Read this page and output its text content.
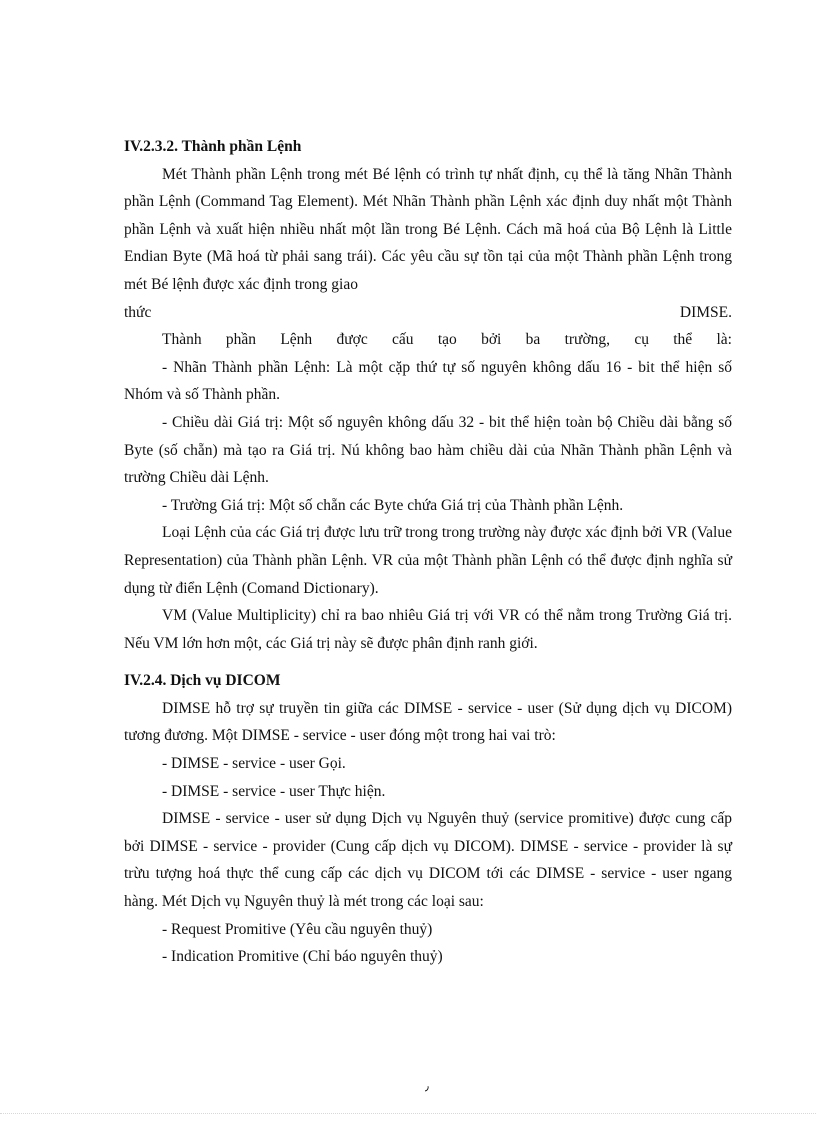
IV.2.3.2. Thành phần Lệnh

Mét Thành phần Lệnh trong mét Bé lệnh có trình tự nhất định, cụ thể là tăng Nhãn Thành phần Lệnh (Command Tag Element). Mét Nhãn Thành phần Lệnh xác định duy nhất một Thành phần Lệnh và xuất hiện nhiều nhất một lần trong Bé Lệnh. Cách mã hoá của Bộ Lệnh là Little Endian Byte (Mã hoá từ phải sang trái). Các yêu cầu sự tồn tại của một Thành phần Lệnh trong mét Bé lệnh được xác định trong giao

thức	DIMSE.

Thành phần Lệnh được cấu tạo bởi ba trường, cụ thể là:

- Nhãn Thành phần Lệnh: Là một cặp thứ tự số nguyên không dấu 16 - bit thể hiện số Nhóm và số Thành phần.

- Chiều dài Giá trị: Một số nguyên không dấu 32 - bit thể hiện toàn bộ Chiều dài bằng số Byte (số chẵn) mà tạo ra Giá trị. Nú không bao hàm chiều dài của Nhãn Thành phần Lệnh và trường Chiều dài Lệnh.

- Trường Giá trị: Một số chẵn các Byte chứa Giá trị của Thành phần Lệnh.

Loại Lệnh của các Giá trị được lưu trữ trong trong trường này được xác định bởi VR (Value Representation) của Thành phần Lệnh. VR của một Thành phần Lệnh có thể được định nghĩa sử dụng từ điển Lệnh (Comand Dictionary).

VM (Value Multiplicity) chỉ ra bao nhiêu Giá trị với VR có thể nằm trong Trường Giá trị. Nếu VM lớn hơn một, các Giá trị này sẽ được phân định ranh giới.

IV.2.4. Dịch vụ DICOM

DIMSE hỗ trợ sự truyền tin giữa các DIMSE - service - user (Sử dụng dịch vụ DICOM) tương đương. Một DIMSE - service - user đóng một trong hai vai trò:

- DIMSE - service - user Gọi.

- DIMSE - service - user Thực hiện.

DIMSE - service - user sử dụng Dịch vụ Nguyên thuỷ (service promitive) được cung cấp bởi DIMSE - service - provider (Cung cấp dịch vụ DICOM). DIMSE - service - provider là sự trừu tượng hoá thực thể cung cấp các dịch vụ DICOM tới các DIMSE - service - user ngang hàng. Mét Dịch vụ Nguyên thuỷ là mét trong các loại sau:

- Request Promitive (Yêu cầu nguyên thuỷ)

- Indication Promitive (Chỉ báo nguyên thuỷ)

٫
